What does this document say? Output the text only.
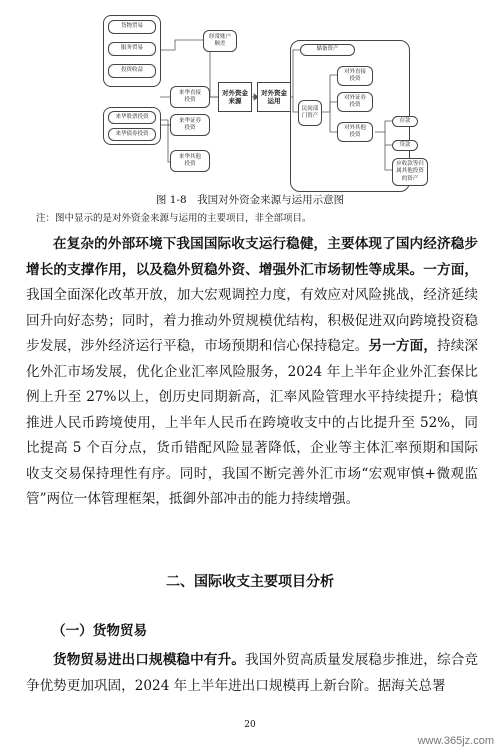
货物贸易
服务贸易
投资收益
经常账户
顺差
来华直接
投资
来华证券
投资
来华其他
投资
来华股票投资
来华债券投资
对外资金
来源
对外资金
运用
储备资产
民间部
门资产
对外直接
投资
对外证券
投资
对外其他
投资
存款
贷款
应收款等归
属其他投资
的资产
图 1-8　我国对外资金来源与运用示意图
注：图中显示的是对外资金来源与运用的主要项目，非全部项目。

在复杂的外部环境下我国国际收支运行稳健，主要体现了国内经济稳步增长的支撑作用，以及稳外贸稳外资、增强外汇市场韧性等成果。一方面，我国全面深化改革开放，加大宏观调控力度，有效应对风险挑战，经济延续回升向好态势；同时，着力推动外贸规模优结构，积极促进双向跨境投资稳步发展，涉外经济运行平稳，市场预期和信心保持稳定。另一方面，持续深化外汇市场发展，优化企业汇率风险服务，2024 年上半年企业外汇套保比例上升至 27%以上，创历史同期新高，汇率风险管理水平持续提升；稳慎推进人民币跨境使用，上半年人民币在跨境收支中的占比提升至 52%，同比提高 5 个百分点，货币错配风险显著降低，企业等主体汇率预期和国际收支交易保持理性有序。同时，我国不断完善外汇市场“宏观审慎+微观监管”两位一体管理框架，抵御外部冲击的能力持续增强。

二、国际收支主要项目分析
（一）货物贸易

货物贸易进出口规模稳中有升。我国外贸高质量发展稳步推进，综合竞争优势更加巩固，2024 年上半年进出口规模再上新台阶。据海关总署

20
www.365jz.com
